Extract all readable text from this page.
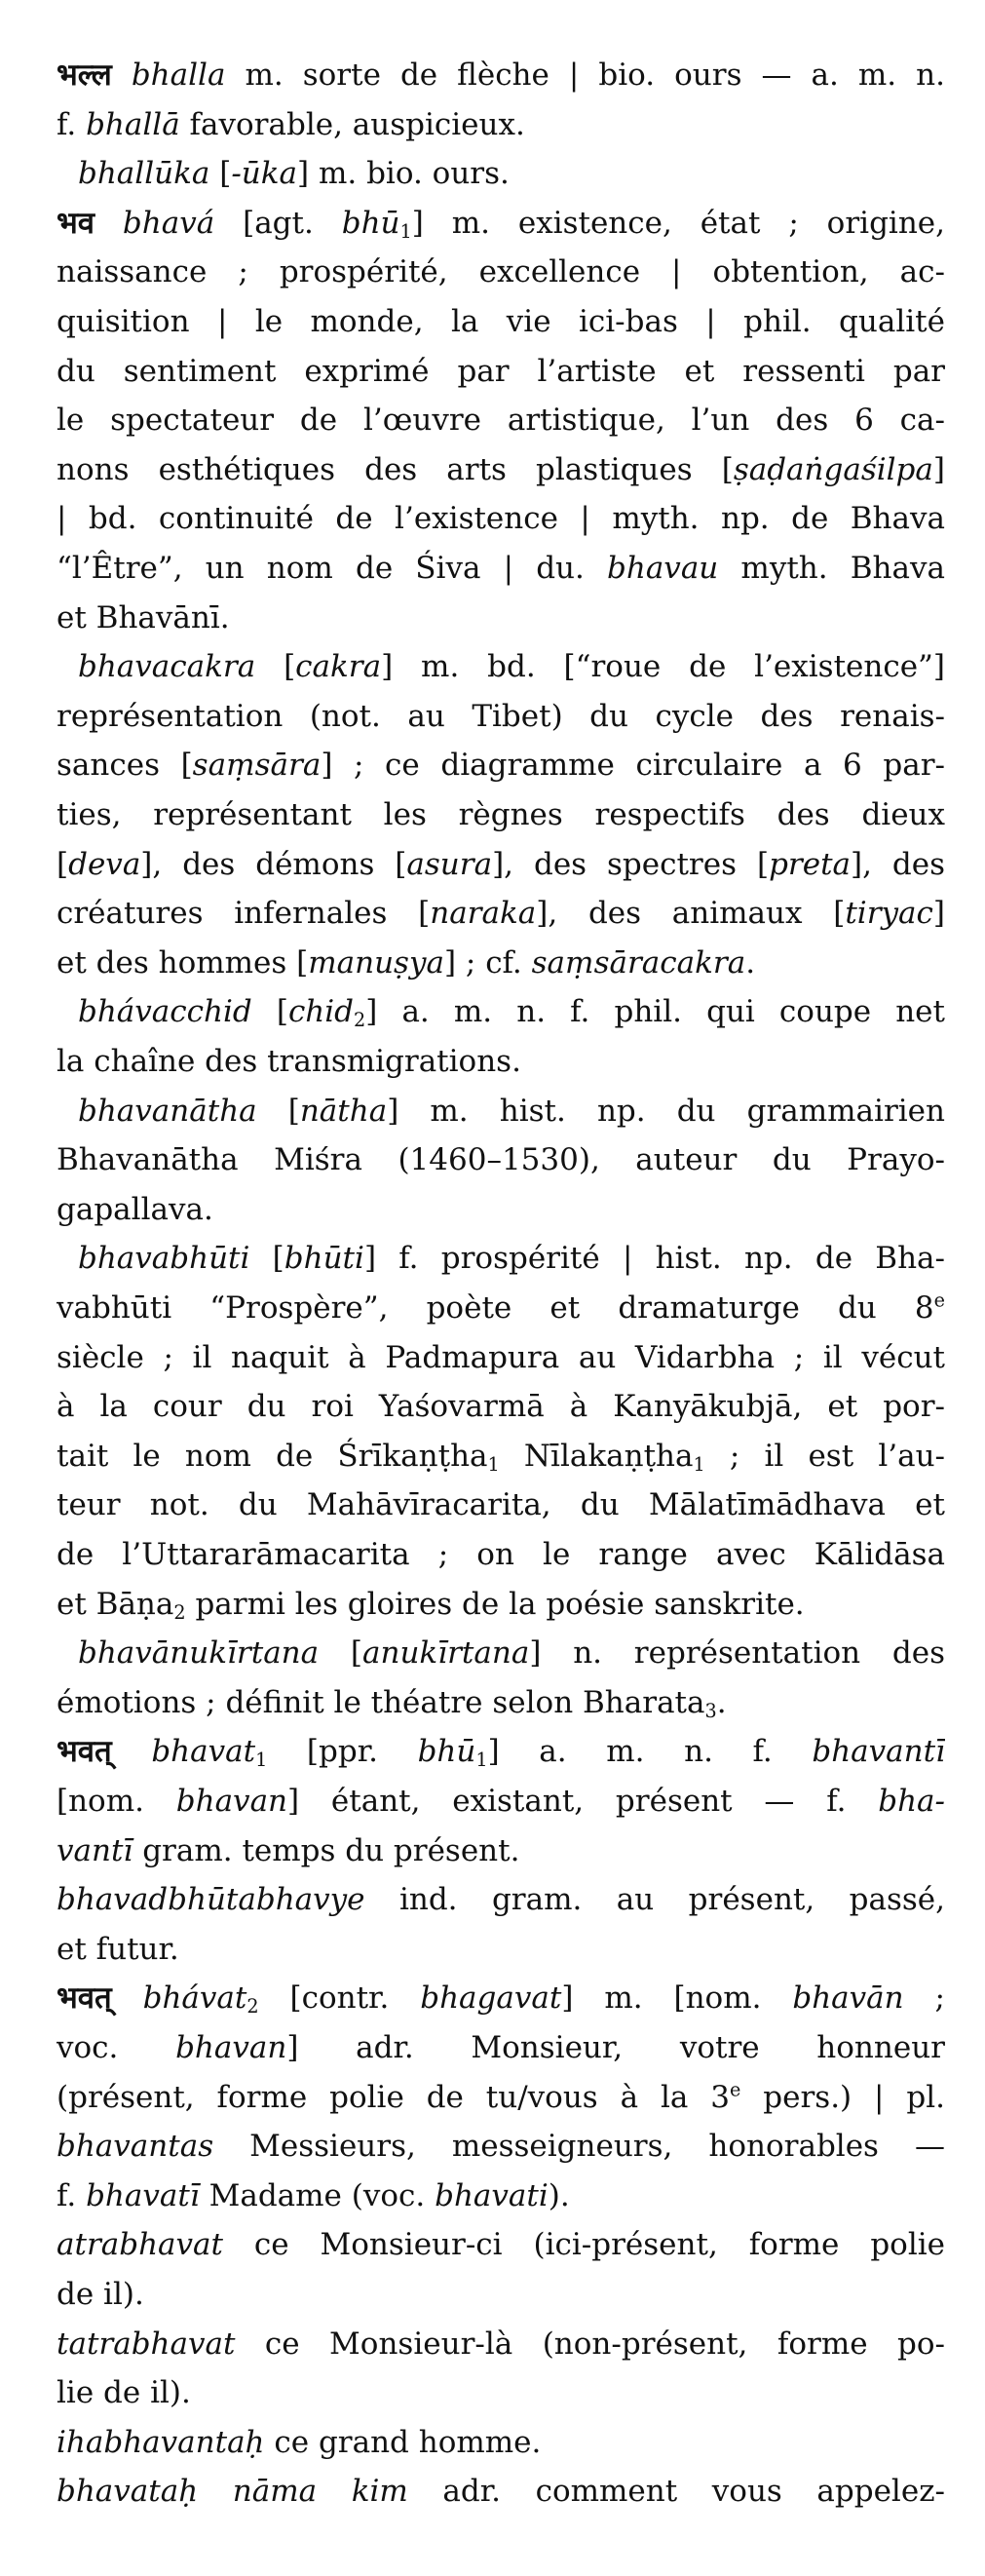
भल्ल bhalla m. sorte de flèche | bio. ours — a. m. n.
f. bhallā favorable, auspicieux.
bhallūka [-ūka] m. bio. ours.
भव bhavá [agt. bhū$_1$] m. existence, état ; origine,
naissance ; prospérité, excellence | obtention, ac-
quisition | le monde, la vie ici-bas | phil. qualité
du sentiment exprimé par l’artiste et ressenti par
le spectateur de l’œuvre artistique, l’un des 6 ca-
nons esthétiques des arts plastiques [ṣaḍaṅgaśilpa]
| bd. continuité de l’existence | myth. np. de Bhava
“l’Être”, un nom de Śiva | du. bhavau myth. Bhava
et Bhavānī.
bhavacakra [cakra] m. bd. [“roue de l’existence”]
représentation (not. au Tibet) du cycle des renais-
sances [saṃsāra] ; ce diagramme circulaire a 6 par-
ties, représentant les règnes respectifs des dieux
[deva], des démons [asura], des spectres [preta], des
créatures infernales [naraka], des animaux [tiryac]
et des hommes [manuṣya] ; cf. saṃsāracakra.
bhávacchid [chid$_2$] a. m. n. f. phil. qui coupe net
la chaîne des transmigrations.
bhavanātha [nātha] m. hist. np. du grammairien
Bhavanātha Miśra (1460–1530), auteur du Prayo-
gapallava.
bhavabhūti [bhūti] f. prospérité | hist. np. de Bha-
vabhūti “Prospère”, poète et dramaturge du 8e
siècle ; il naquit à Padmapura au Vidarbha ; il vécut
à la cour du roi Yaśovarmā à Kanyākubjā, et por-
tait le nom de Śrīkaṇṭha$_1$ Nīlakaṇṭha$_1$ ; il est l’au-
teur not. du Mahāvīracarita, du Mālatīmādhava et
de l’Uttararāmacarita ; on le range avec Kālidāsa
et Bāṇa$_2$ parmi les gloires de la poésie sanskrite.
bhavānukīrtana [anukīrtana] n. représentation des
émotions ; définit le théatre selon Bharata$_3$.
भवत् bhavat$_1$ [ppr. bhū$_1$] a. m. n. f. bhavantī
[nom. bhavan] étant, existant, présent — f. bha-
vantī gram. temps du présent.
bhavadbhūtabhavye ind. gram. au présent, passé,
et futur.
भवत् bhávat$_2$ [contr. bhagavat] m. [nom. bhavān ;
voc. bhavan] adr. Monsieur, votre honneur
(présent, forme polie de tu/vous à la 3e pers.) | pl.
bhavantas Messieurs, messeigneurs, honorables —
f. bhavatī Madame (voc. bhavati).
atrabhavat ce Monsieur-ci (ici-présent, forme polie
de il).
tatrabhavat ce Monsieur-là (non-présent, forme po-
lie de il).
ihabhavantaḥ ce grand homme.
bhavataḥ nāma kim adr. comment vous appelez-
